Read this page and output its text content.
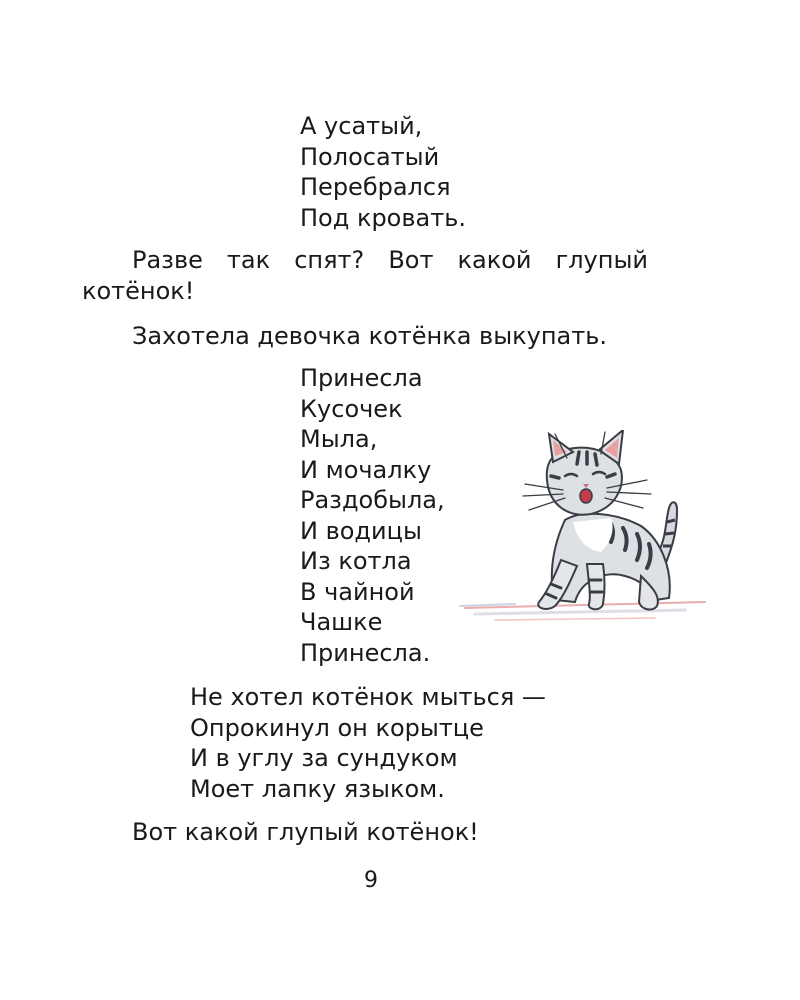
А усатый,
Полосатый
Перебрался
Под кровать.

Разве так спят? Вот какой глупый котёнок!

Захотела девочка котёнка выкупать.

Принесла
Кусочек
Мыла,
И мочалку
Раздобыла,
И водицы
Из котла
В чайной
Чашке
Принесла.
Не хотел котёнок мыться —
Опрокинул он корытце
И в углу за сундуком
Моет лапку языком.

Вот какой глупый котёнок!

9
